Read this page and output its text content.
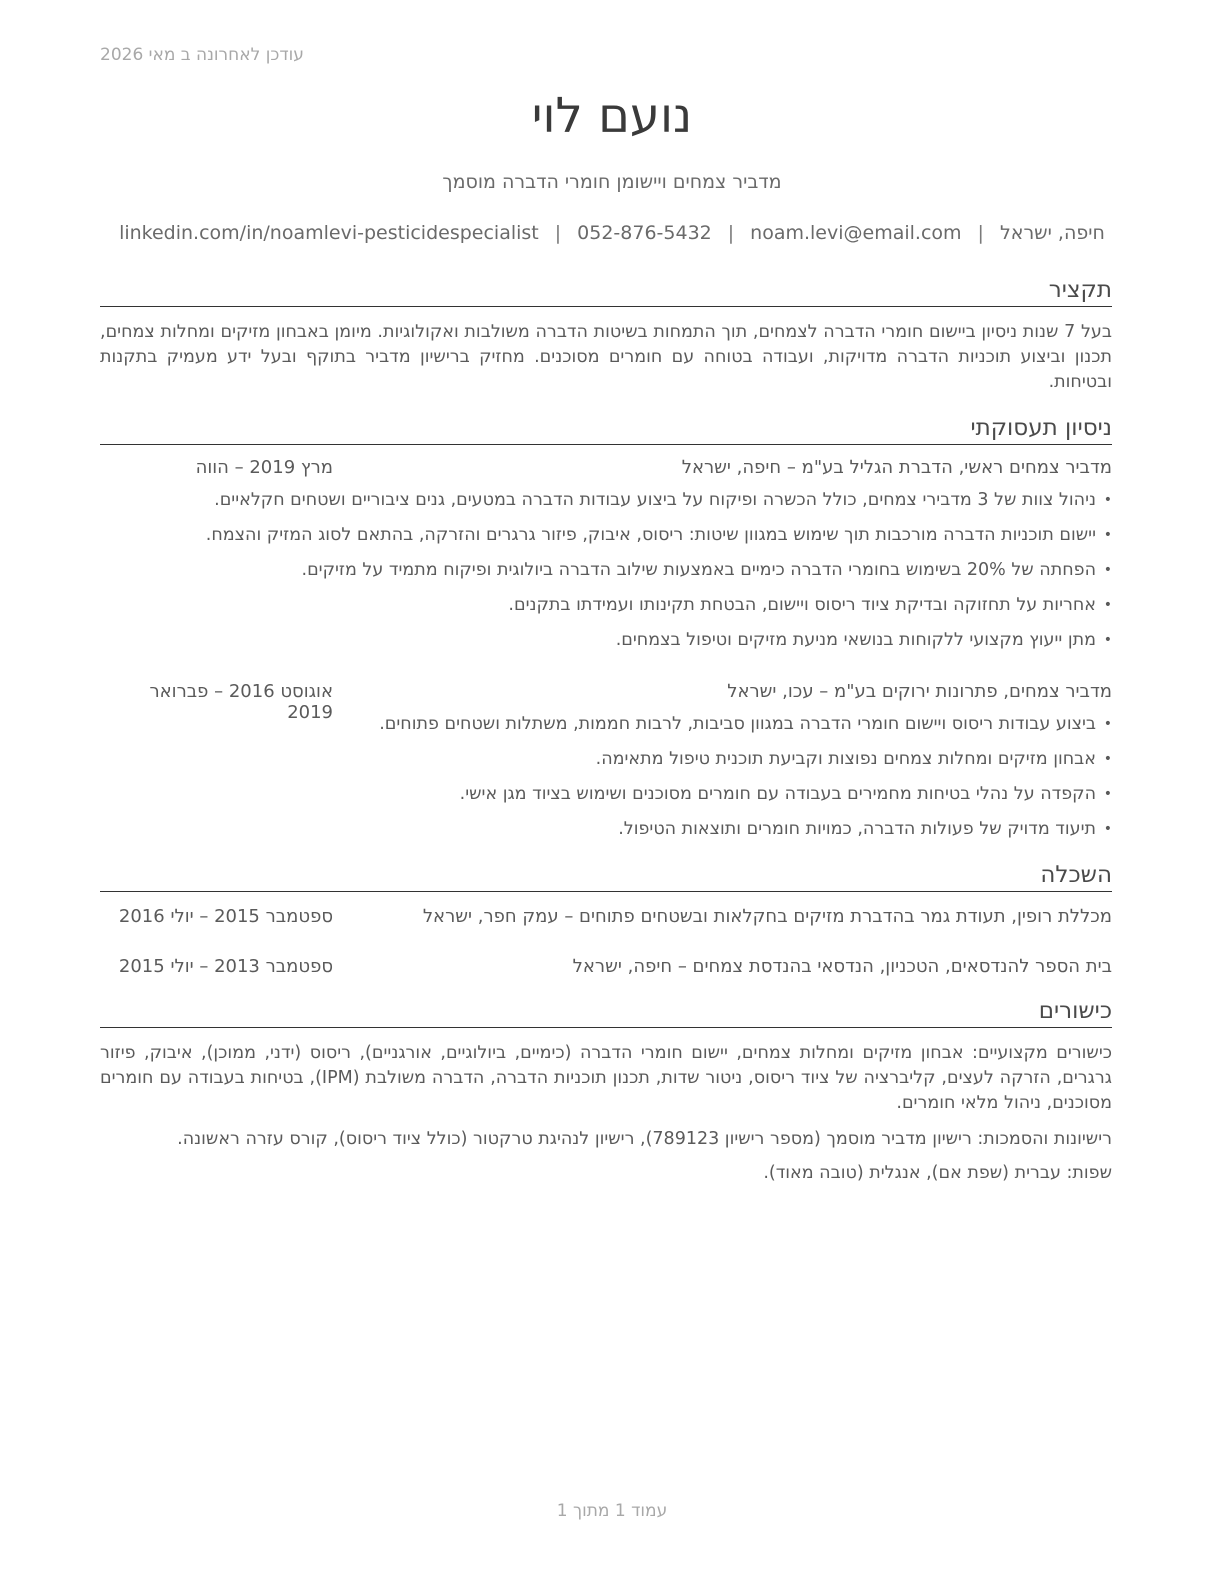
עודכן לאחרונה ב מאי 2026
נועם לוי
מדביר צמחים ויישומן חומרי הדברה מוסמך
חיפה, ישראל|noam.levi@email.com|052-876-5432|linkedin.com/in/noamlevi-pesticidespecialist
תקציר

בעל 7 שנות ניסיון ביישום חומרי הדברה לצמחים, תוך התמחות בשיטות הדברה משולבות ואקולוגיות. מיומן באבחון מזיקים ומחלות צמחים, תכנון וביצוע תוכניות הדברה מדויקות, ועבודה בטוחה עם חומרים מסוכנים. מחזיק ברישיון מדביר בתוקף ובעל ידע מעמיק בתקנות ובטיחות.

ניסיון תעסוקתי
מדביר צמחים ראשי, הדברת הגליל בע"מ – חיפה, ישראל
מרץ 2019 – הווה
• ניהול צוות של 3 מדבירי צמחים, כולל הכשרה ופיקוח על ביצוע עבודות הדברה במטעים, גנים ציבוריים ושטחים חקלאיים.
• יישום תוכניות הדברה מורכבות תוך שימוש במגוון שיטות: ריסוס, איבוק, פיזור גרגרים והזרקה, בהתאם לסוג המזיק והצמח.
• הפחתה של 20% בשימוש בחומרי הדברה כימיים באמצעות שילוב הדברה ביולוגית ופיקוח מתמיד על מזיקים.
• אחריות על תחזוקה ובדיקת ציוד ריסוס ויישום, הבטחת תקינותו ועמידתו בתקנים.
• מתן ייעוץ מקצועי ללקוחות בנושאי מניעת מזיקים וטיפול בצמחים.
מדביר צמחים, פתרונות ירוקים בע"מ – עכו, ישראל
אוגוסט 2016 – פברואר 2019
• ביצוע עבודות ריסוס ויישום חומרי הדברה במגוון סביבות, לרבות חממות, משתלות ושטחים פתוחים.
• אבחון מזיקים ומחלות צמחים נפוצות וקביעת תוכנית טיפול מתאימה.
• הקפדה על נהלי בטיחות מחמירים בעבודה עם חומרים מסוכנים ושימוש בציוד מגן אישי.
• תיעוד מדויק של פעולות הדברה, כמויות חומרים ותוצאות הטיפול.
השכלה
מכללת רופין, תעודת גמר בהדברת מזיקים בחקלאות ובשטחים פתוחים – עמק חפר, ישראל
ספטמבר 2015 – יולי 2016
בית הספר להנדסאים, הטכניון, הנדסאי בהנדסת צמחים – חיפה, ישראל
ספטמבר 2013 – יולי 2015
כישורים

כישורים מקצועיים: אבחון מזיקים ומחלות צמחים, יישום חומרי הדברה (כימיים, ביולוגיים, אורגניים), ריסוס (ידני, ממוכן), איבוק, פיזור גרגרים, הזרקה לעצים, קליברציה של ציוד ריסוס, ניטור שדות, תכנון תוכניות הדברה, הדברה משולבת (IPM), בטיחות בעבודה עם חומרים מסוכנים, ניהול מלאי חומרים.

רישיונות והסמכות: רישיון מדביר מוסמך (מספר רישיון 789123), רישיון לנהיגת טרקטור (כולל ציוד ריסוס), קורס עזרה ראשונה.

שפות: עברית (שפת אם), אנגלית (טובה מאוד).

עמוד 1 מתוך 1
